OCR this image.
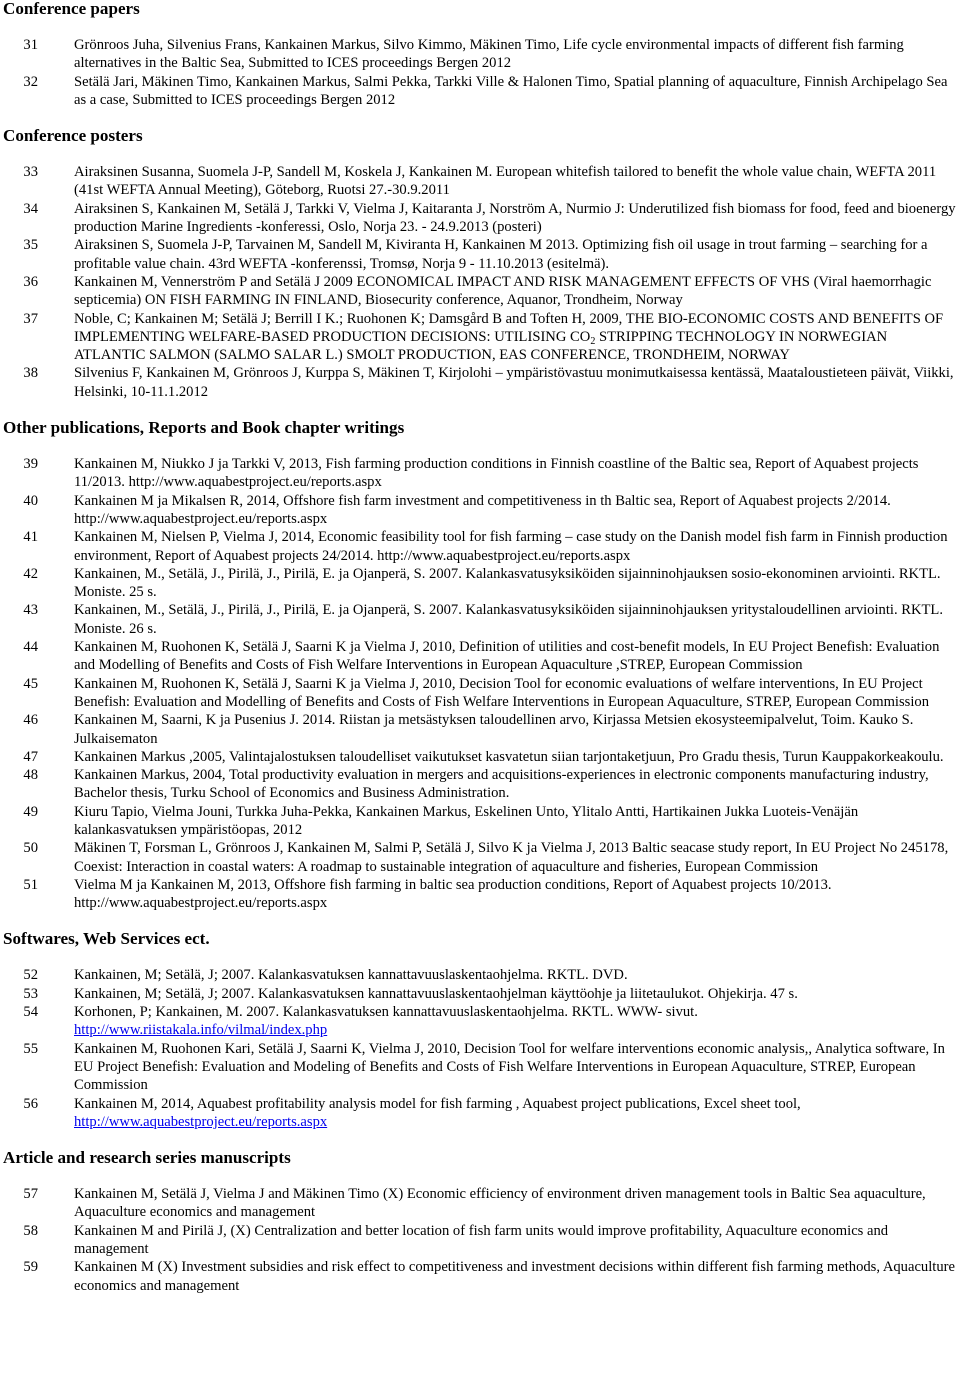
Conference papers
31 Grönroos Juha, Silvenius Frans, Kankainen Markus, Silvo Kimmo, Mäkinen Timo, Life cycle environmental impacts of different fish farming alternatives in the Baltic Sea, Submitted to ICES proceedings Bergen 2012
32 Setälä Jari, Mäkinen Timo, Kankainen Markus, Salmi Pekka, Tarkki Ville & Halonen Timo, Spatial planning of aquaculture, Finnish Archipelago Sea as a case, Submitted to ICES proceedings Bergen 2012
Conference posters
33 Airaksinen Susanna, Suomela J-P, Sandell M, Koskela J, Kankainen M. European whitefish tailored to benefit the whole value chain, WEFTA 2011 (41st WEFTA Annual Meeting), Göteborg, Ruotsi 27.-30.9.2011
34 Airaksinen S, Kankainen M, Setälä J, Tarkki V, Vielma J, Kaitaranta J, Norström A, Nurmio J: Underutilized fish biomass for food, feed and bioenergy production Marine Ingredients -konferessi, Oslo, Norja 23. - 24.9.2013 (posteri)
35 Airaksinen S, Suomela J-P, Tarvainen M, Sandell M, Kiviranta H, Kankainen M 2013. Optimizing fish oil usage in trout farming – searching for a profitable value chain. 43rd WEFTA -konferenssi, Tromsø, Norja 9 - 11.10.2013 (esitelmä).
36 Kankainen M, Vennerström P and Setälä J 2009 ECONOMICAL IMPACT AND RISK MANAGEMENT EFFECTS OF VHS (Viral haemorrhagic septicemia) ON FISH FARMING IN FINLAND, Biosecurity conference, Aquanor, Trondheim, Norway
37 Noble, C; Kankainen M; Setälä J; Berrill I K.; Ruohonen K; Damsgård B and Toften H, 2009, THE BIO-ECONOMIC COSTS AND BENEFITS OF IMPLEMENTING WELFARE-BASED PRODUCTION DECISIONS: UTILISING $CO_2$ STRIPPING TECHNOLOGY IN NORWEGIAN ATLANTIC SALMON (SALMO SALAR L.) SMOLT PRODUCTION, EAS CONFERENCE, TRONDHEIM, NORWAY
38 Silvenius F, Kankainen M, Grönroos J, Kurppa S, Mäkinen T, Kirjolohi – ympäristövastuu monimutkaisessa kentässä, Maataloustieteen päivät, Viikki, Helsinki, 10-11.1.2012
Other publications, Reports and Book chapter writings
39 Kankainen M, Niukko J ja Tarkki V, 2013, Fish farming production conditions in Finnish coastline of the Baltic sea, Report of Aquabest projects 11/2013. http://www.aquabestproject.eu/reports.aspx
40 Kankainen M ja Mikalsen R, 2014, Offshore fish farm investment and competitiveness in th Baltic sea, Report of Aquabest projects 2/2014. http://www.aquabestproject.eu/reports.aspx
41 Kankainen M, Nielsen P, Vielma J, 2014, Economic feasibility tool for fish farming – case study on the Danish model fish farm in Finnish production environment, Report of Aquabest projects 24/2014. http://www.aquabestproject.eu/reports.aspx
42 Kankainen, M., Setälä, J., Pirilä, J., Pirilä, E. ja Ojanperä, S. 2007. Kalankasvatusyksiköiden sijainninohjauksen sosio-ekonominen arviointi. RKTL. Moniste. 25 s.
43 Kankainen, M., Setälä, J., Pirilä, J., Pirilä, E. ja Ojanperä, S. 2007. Kalankasvatusyksiköiden sijainninohjauksen yritystaloudellinen arviointi. RKTL. Moniste. 26 s.
44 Kankainen M, Ruohonen K, Setälä J, Saarni K ja Vielma J, 2010, Definition of utilities and cost-benefit models, In EU Project Benefish: Evaluation and Modelling of Benefits and Costs of Fish Welfare Interventions in European Aquaculture ,STREP, European Commission
45 Kankainen M, Ruohonen K, Setälä J, Saarni K ja Vielma J, 2010, Decision Tool for economic evaluations of welfare interventions, In EU Project Benefish: Evaluation and Modelling of Benefits and Costs of Fish Welfare Interventions in European Aquaculture, STREP, European Commission
46 Kankainen M, Saarni, K ja Pusenius J. 2014. Riistan ja metsästyksen taloudellinen arvo, Kirjassa Metsien ekosysteemipalvelut, Toim. Kauko S. Julkaisematon
47 Kankainen Markus ,2005, Valintajalostuksen taloudelliset vaikutukset kasvatetun siian tarjontaketjuun, Pro Gradu thesis, Turun Kauppakorkeakoulu.
48 Kankainen Markus, 2004, Total productivity evaluation in mergers and acquisitions-experiences in electronic components manufacturing industry, Bachelor thesis, Turku School of Economics and Business Administration.
49 Kiuru Tapio, Vielma Jouni, Turkka Juha-Pekka, Kankainen Markus, Eskelinen Unto, Ylitalo Antti, Hartikainen Jukka Luoteis-Venäjän kalankasvatuksen ympäristöopas, 2012
50 Mäkinen T, Forsman L, Grönroos J, Kankainen M, Salmi P, Setälä J, Silvo K ja Vielma J, 2013 Baltic seacase study report, In EU Project No 245178, Coexist: Interaction in coastal waters: A roadmap to sustainable integration of aquaculture and fisheries, European Commission
51 Vielma M ja Kankainen M, 2013, Offshore fish farming in baltic sea production conditions, Report of Aquabest projects 10/2013. http://www.aquabestproject.eu/reports.aspx
Softwares, Web Services ect.
52 Kankainen, M; Setälä, J; 2007. Kalankasvatuksen kannattavuuslaskentaohjelma. RKTL. DVD.
53 Kankainen, M; Setälä, J; 2007. Kalankasvatuksen kannattavuuslaskentaohjelman käyttöohje ja liitetaulukot. Ohjekirja. 47 s.
54 Korhonen, P; Kankainen, M. 2007. Kalankasvatuksen kannattavuuslaskentaohjelma. RKTL. WWW- sivut.
http://www.riistakala.info/vilmal/index.php
55 Kankainen M, Ruohonen Kari, Setälä J, Saarni K, Vielma J, 2010, Decision Tool for welfare interventions economic analysis,, Analytica software, In EU Project Benefish: Evaluation and Modeling of Benefits and Costs of Fish Welfare Interventions in European Aquaculture, STREP, European Commission
56 Kankainen M, 2014, Aquabest profitability analysis model for fish farming , Aquabest project publications, Excel sheet tool,
http://www.aquabestproject.eu/reports.aspx
Article and research series manuscripts
57 Kankainen M, Setälä J, Vielma J and Mäkinen Timo (X) Economic efficiency of environment driven management tools in Baltic Sea aquaculture, Aquaculture economics and management
58 Kankainen M and Pirilä J, (X) Centralization and better location of fish farm units would improve profitability, Aquaculture economics and management
59 Kankainen M (X) Investment subsidies and risk effect to competitiveness and investment decisions within different fish farming methods, Aquaculture economics and management
